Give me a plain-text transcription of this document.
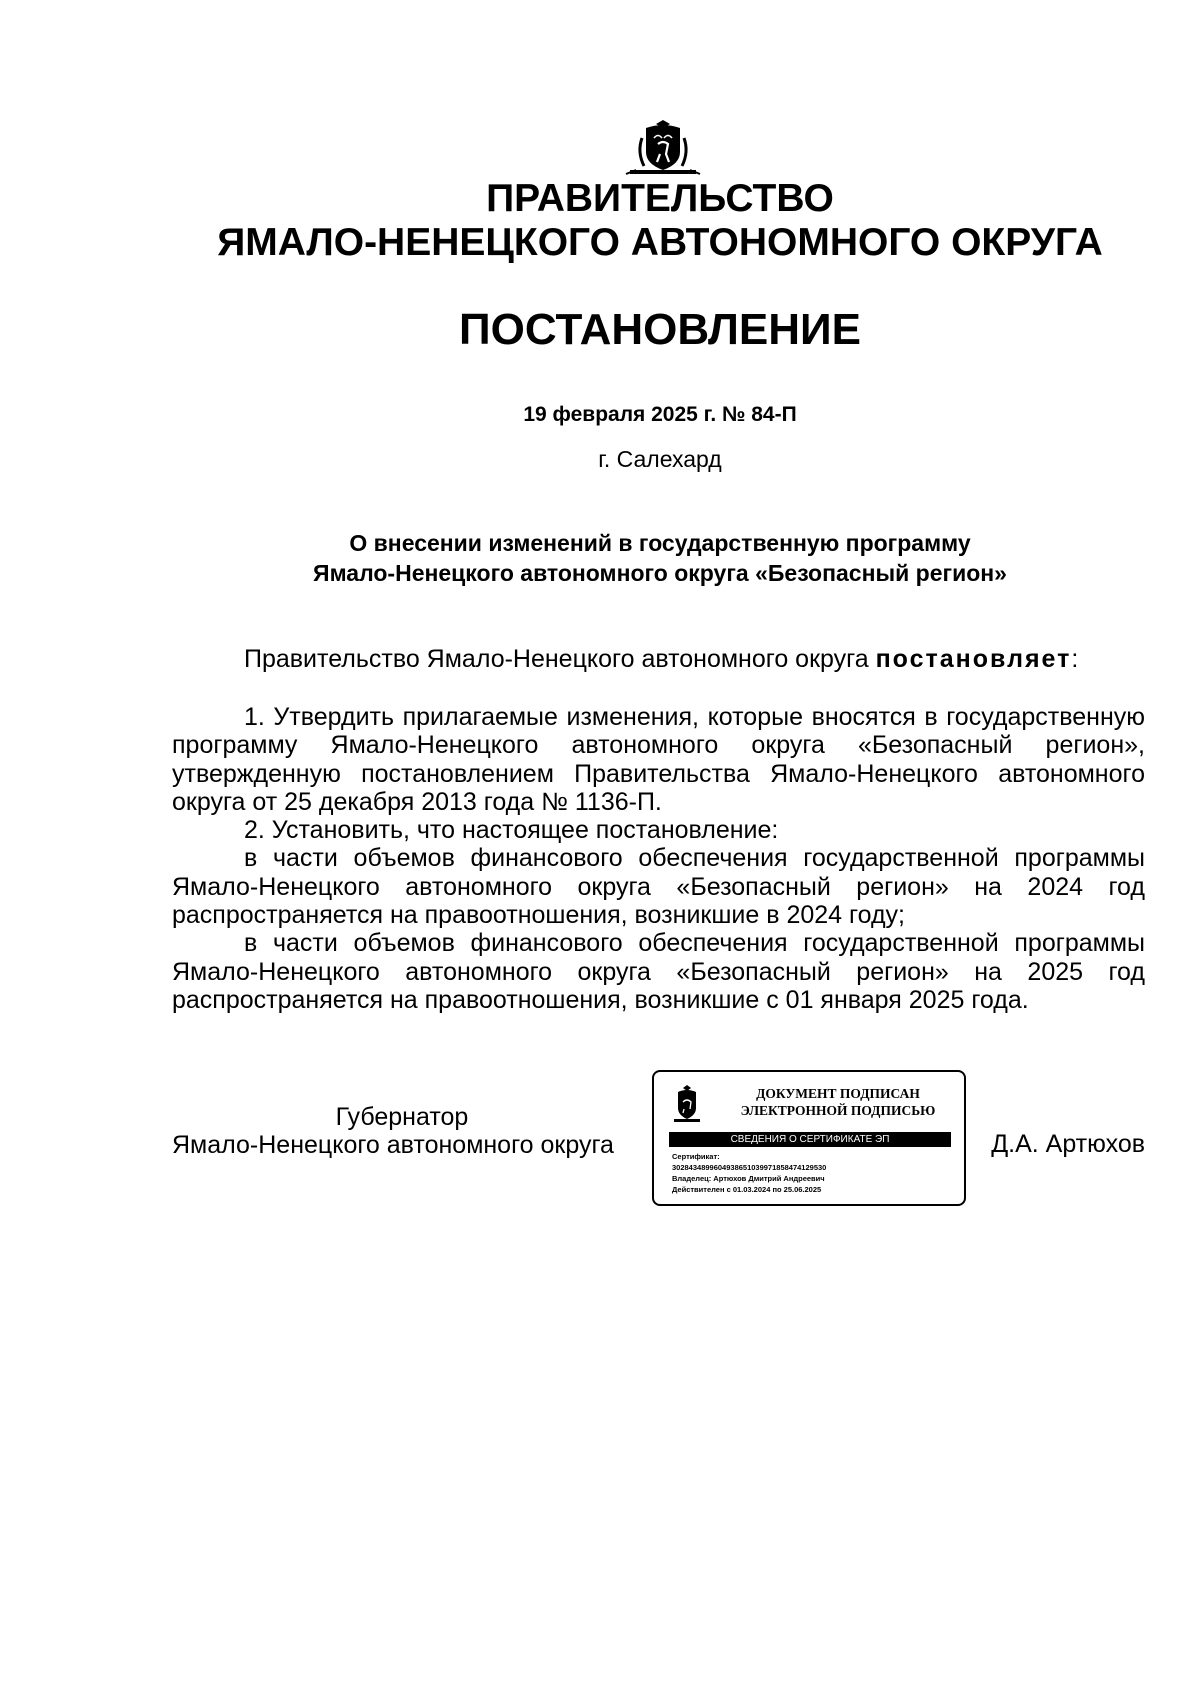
ПРАВИТЕЛЬСТВО
ЯМАЛО-НЕНЕЦКОГО АВТОНОМНОГО ОКРУГА
ПОСТАНОВЛЕНИЕ
19 февраля 2025 г. № 84-П
г. Салехард
О внесении изменений в государственную программу
Ямало-Ненецкого автономного округа «Безопасный регион»

Правительство Ямало-Ненецкого автономного округа постановляет:

1. Утвердить прилагаемые изменения, которые вносятся в государственную программу Ямало-Ненецкого автономного округа «Безопасный регион», утвержденную постановлением Правительства Ямало-Ненецкого автономного округа от 25 декабря 2013 года № 1136-П.

2. Установить, что настоящее постановление:

в части объемов финансового обеспечения государственной программы Ямало-Ненецкого автономного округа «Безопасный регион» на 2024 год распространяется на правоотношения, возникшие в 2024 году;

в части объемов финансового обеспечения государственной программы Ямало-Ненецкого автономного округа «Безопасный регион» на 2025 год распространяется на правоотношения, возникшие с 01 января 2025 года.

Губернатор
Ямало-Ненецкого автономного округа
ДОКУМЕНТ ПОДПИСАН
ЭЛЕКТРОННОЙ ПОДПИСЬЮ
СВЕДЕНИЯ О СЕРТИФИКАТЕ ЭП
Сертификат:
3028434899604938651039971858474129530
Владелец: Артюхов Дмитрий Андреевич
Действителен с 01.03.2024 по 25.06.2025
Д.А. Артюхов
